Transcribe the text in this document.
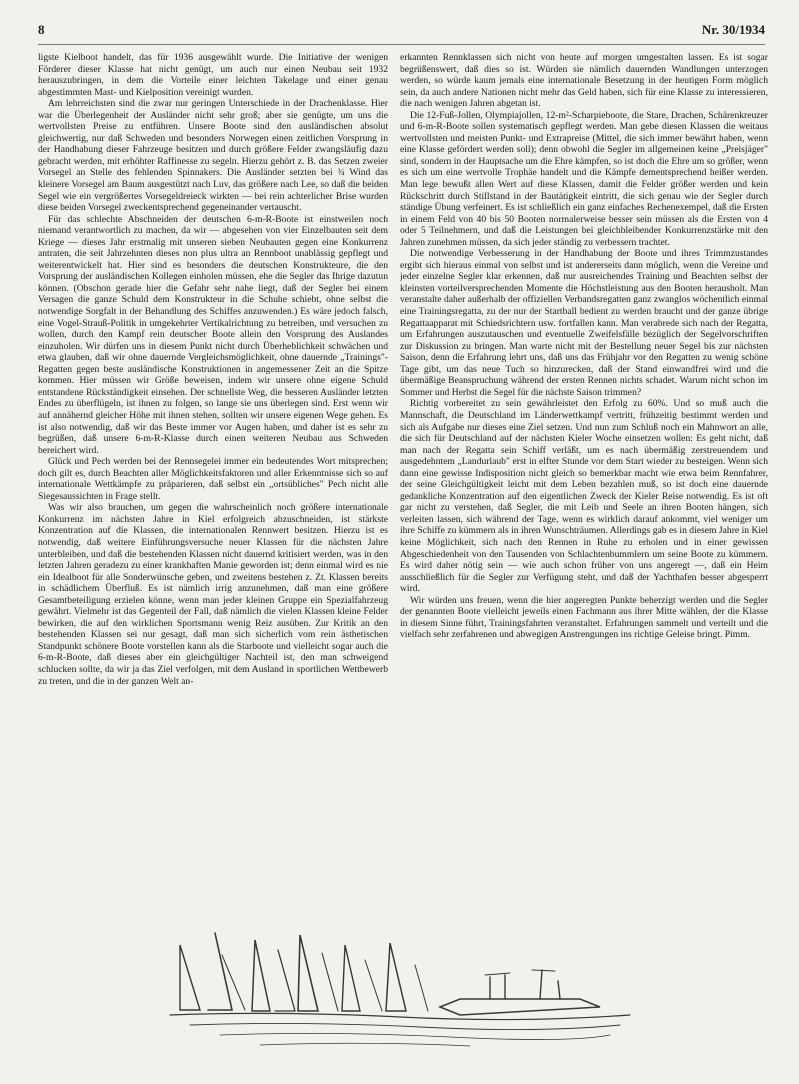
8	Nr. 30/1934

ligste Kielboot handelt, das für 1936 ausgewählt wurde. Die Initiative der wenigen Förderer dieser Klasse hat nicht genügt, um auch nur einen Neubau seit 1932 herauszubringen, in dem die Vorteile einer leichten Takelage und einer genau abgestimmten Mast- und Kielposition vereinigt wurden.

Am lehrreichsten sind die zwar nur geringen Unterschiede in der Drachenklasse. Hier war die Überlegenheit der Ausländer nicht sehr groß; aber sie genügte, um uns die wertvollsten Preise zu entführen. Unsere Boote sind den ausländischen absolut gleichwertig, nur daß Schweden und besonders Norwegen einen zeitlichen Vorsprung in der Handhabung dieser Fahrzeuge besitzen und durch größere Felder zwangsläufig dazu gebracht werden, mit erhöhter Raffinesse zu segeln. Hierzu gehört z. B. das Setzen zweier Vorsegel an Stelle des fehlenden Spinnakers. Die Ausländer setzten bei ¾ Wind das kleinere Vorsegel am Baum ausgestützt nach Luv, das größere nach Lee, so daß die beiden Segel wie ein vergrößertes Vorsegeldreieck wirkten — bei rein achterlicher Brise wurden diese beiden Vorsegel zweckentsprechend gegeneinander vertauscht.

Für das schlechte Abschneiden der deutschen 6-m-R-Boote ist einstweilen noch niemand verantwortlich zu machen, da wir — abgesehen von vier Einzelbauten seit dem Kriege — dieses Jahr erstmalig mit unseren sieben Neubauten gegen eine Konkurrenz antraten, die seit Jahrzehnten dieses non plus ultra an Rennboot unablässig gepflegt und weiterentwickelt hat. Hier sind es besonders die deutschen Konstrukteure, die den Vorsprung der ausländischen Kollegen einholen müssen, ehe die Segler das Ihrige dazutun können. (Obschon gerade hier die Gefahr sehr nahe liegt, daß der Segler bei einem Versagen die ganze Schuld dem Konstrukteur in die Schuhe schiebt, ohne selbst die notwendige Sorgfalt in der Behandlung des Schiffes anzuwenden.) Es wäre jedoch falsch, eine Vogel-Strauß-Politik in umgekehrter Vertikalrichtung zu betreiben, und versuchen zu wollen, durch den Kampf rein deutscher Boote allein den Vorsprung des Auslandes einzuholen. Wir dürfen uns in diesem Punkt nicht durch Überheblichkeit schwächen und etwa glauben, daß wir ohne dauernde Vergleichsmöglichkeit, ohne dauernde „Trainings"-Regatten gegen beste ausländische Konstruktionen in angemessener Zeit an die Spitze kommen. Hier müssen wir Größe beweisen, indem wir unsere ohne eigene Schuld entstandene Rückständigkeit einsehen. Der schnellste Weg, die besseren Ausländer letzten Endes zu überflügeln, ist ihnen zu folgen, so lange sie uns überlegen sind. Erst wenn wir auf annähernd gleicher Höhe mit ihnen stehen, sollten wir unsere eigenen Wege gehen. Es ist also notwendig, daß wir das Beste immer vor Augen haben, und daher ist es sehr zu begrüßen, daß unsere 6-m-R-Klasse durch einen weiteren Neubau aus Schweden bereichert wird.

Glück und Pech werden bei der Rennsegelei immer ein bedeutendes Wort mitsprechen; doch gilt es, durch Beachten aller Möglichkeitsfaktoren und aller Erkenntnisse sich so auf internationale Wettkämpfe zu präparieren, daß selbst ein „ortsübliches" Pech nicht alle Siegesaussichten in Frage stellt.

Was wir also brauchen, um gegen die wahrscheinlich noch größere internationale Konkurrenz im nächsten Jahre in Kiel erfolgreich abzuschneiden, ist stärkste Konzentration auf die Klassen, die internationalen Rennwert besitzen. Hierzu ist es notwendig, daß weitere Einführungsversuche neuer Klassen für die nächsten Jahre unterbleiben, und daß die bestehenden Klassen nicht dauernd kritisiert werden, was in den letzten Jahren geradezu zu einer krankhaften Manie geworden ist; denn einmal wird es nie ein Idealboot für alle Sonderwünsche geben, und zweitens bestehen z. Zt. Klassen bereits in schädlichem Überfluß. Es ist nämlich irrig anzunehmen, daß man eine größere Gesamtbeteiligung erzielen könne, wenn man jeder kleinen Gruppe ein Spezialfahrzeug gewährt. Vielmehr ist das Gegenteil der Fall, daß nämlich die vielen Klassen kleine Felder bewirken, die auf den wirklichen Sportsmann wenig Reiz ausüben. Zur Kritik an den bestehenden Klassen sei nur gesagt, daß man sich sicherlich vom rein ästhetischen Standpunkt schönere Boote vorstellen kann als die Starboote und vielleicht sogar auch die 6-m-R-Boote, daß dieses aber ein gleichgültiger Nachteil ist, den man schweigend schlucken sollte, da wir ja das Ziel verfolgen, mit dem Ausland in sportlichen Wettbewerb zu treten, und die in der ganzen Welt an-

erkannten Rennklassen sich nicht von heute auf morgen umgestalten lassen. Es ist sogar begrüßenswert, daß dies so ist. Würden sie nämlich dauernden Wandlungen unterzogen werden, so würde kaum jemals eine internationale Besetzung in der heutigen Form möglich sein, da auch andere Nationen nicht mehr das Geld haben, sich für eine Klasse zu interessieren, die nach wenigen Jahren abgetan ist.

Die 12-Fuß-Jollen, Olympiajollen, 12-m²-Scharpieboote, die Stare, Drachen, Schärenkreuzer und 6-m-R-Boote sollen systematisch gepflegt werden. Man gebe diesen Klassen die weitaus wertvollsten und meisten Punkt- und Extrapreise (Mittel, die sich immer bewährt haben, wenn eine Klasse gefördert werden soll); denn obwohl die Segler im allgemeinen keine „Preisjäger" sind, sondern in der Hauptsache um die Ehre kämpfen, so ist doch die Ehre um so größer, wenn es sich um eine wertvolle Trophäe handelt und die Kämpfe dementsprechend heißer werden. Man lege bewußt allen Wert auf diese Klassen, damit die Felder größer werden und kein Rückschritt durch Stillstand in der Bautätigkeit eintritt, die sich genau wie der Segler durch ständige Übung verfeinert. Es ist schließlich ein ganz einfaches Rechenexempel, daß die Ersten in einem Feld von 40 bis 50 Booten normalerweise besser sein müssen als die Ersten von 4 oder 5 Teilnehmern, und daß die Leistungen bei gleichbleibender Konkurrenzstärke mit den Jahren zunehmen müssen, da sich jeder ständig zu verbessern trachtet.

Die notwendige Verbesserung in der Handhabung der Boote und ihres Trimmzustandes ergibt sich hieraus einmal von selbst und ist andererseits dann möglich, wenn die Vereine und jeder einzelne Segler klar erkennen, daß nur ausreichendes Training und Beachten selbst der kleinsten vorteilversprechenden Momente die Höchstleistung aus den Booten herausholt. Man veranstalte daher außerhalb der offiziellen Verbandsregatten ganz zwanglos wöchentlich einmal eine Trainingsregatta, zu der nur der Startball bedient zu werden braucht und der ganze übrige Regattaapparat mit Schiedsrichtern usw. fortfallen kann. Man verabrede sich nach der Regatta, um Erfahrungen auszutauschen und eventuelle Zweifelsfälle bezüglich der Segelvorschriften zur Diskussion zu bringen. Man warte nicht mit der Bestellung neuer Segel bis zur nächsten Saison, denn die Erfahrung lehrt uns, daß uns das Frühjahr vor den Regatten zu wenig schöne Tage gibt, um das neue Tuch so hinzurecken, daß der Stand einwandfrei wird und die übermäßige Beanspruchung während der ersten Rennen nichts schadet. Warum nicht schon im Sommer und Herbst die Segel für die nächste Saison trimmen?

Richtig vorbereitet zu sein gewährleistet den Erfolg zu 60%. Und so muß auch die Mannschaft, die Deutschland im Länderwettkampf vertritt, frühzeitig bestimmt werden und sich als Aufgabe nur dieses eine Ziel setzen. Und nun zum Schluß noch ein Mahnwort an alle, die sich für Deutschland auf der nächsten Kieler Woche einsetzen wollen: Es geht nicht, daß man nach der Regatta sein Schiff verläßt, um es nach übermäßig zerstreuendem und ausgedehntem „Landurlaub" erst in elfter Stunde vor dem Start wieder zu besteigen. Wenn sich dann eine gewisse Indisposition nicht gleich so bemerkbar macht wie etwa beim Rennfahrer, der seine Gleichgültigkeit leicht mit dem Leben bezahlen muß, so ist doch eine dauernde gedankliche Konzentration auf den eigentlichen Zweck der Kieler Reise notwendig. Es ist oft gar nicht zu verstehen, daß Segler, die mit Leib und Seele an ihren Booten hängen, sich verleiten lassen, sich während der Tage, wenn es wirklich darauf ankommt, viel weniger um ihre Schiffe zu kümmern als in ihren Wunschträumen. Allerdings gab es in diesem Jahre in Kiel keine Möglichkeit, sich nach den Rennen in Ruhe zu erholen und in einer gewissen Abgeschiedenheit von den Tausenden von Schlachtenbummlern um seine Boote zu kümmern. Es wird daher nötig sein — wie auch schon früher von uns angeregt —, daß ein Heim ausschließlich für die Segler zur Verfügung steht, und daß der Yachthafen besser abgesperrt wird.

Wir würden uns freuen, wenn die hier angeregten Punkte beherzigt werden und die Segler der genannten Boote vielleicht jeweils einen Fachmann aus ihrer Mitte wählen, der die Klasse in diesem Sinne führt, Trainingsfahrten veranstaltet. Erfahrungen sammelt und verteilt und die vielfach sehr zerfahrenen und abwegigen Anstrengungen ins richtige Geleise bringt. Pimm.
